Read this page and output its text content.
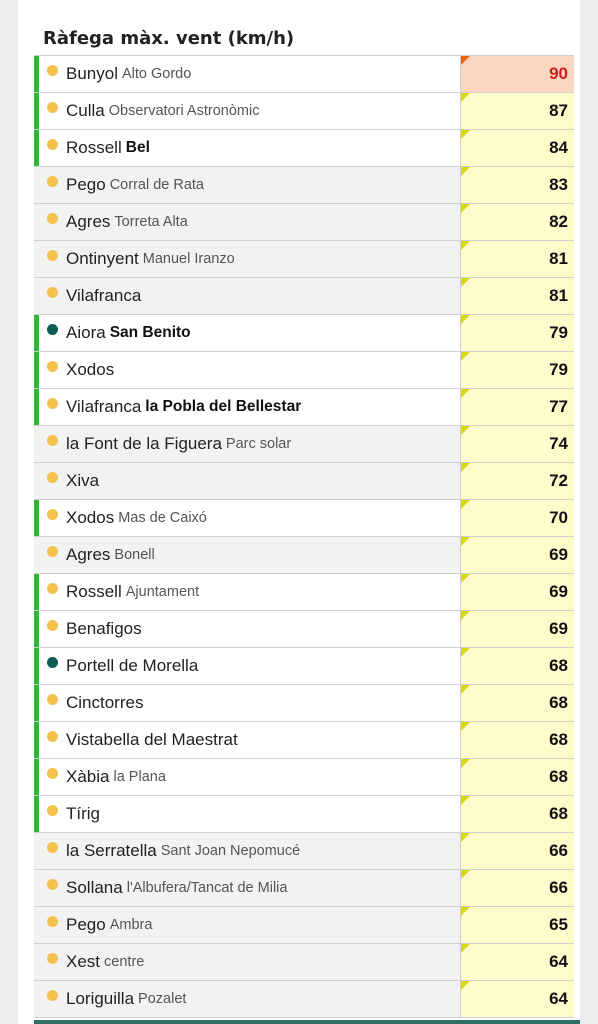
Ràfega màx. vent (km/h)
Bunyol Alto Gordo	90
Culla Observatori Astronòmic	87
Rossell Bel	84
Pego Corral de Rata	83
Agres Torreta Alta	82
Ontinyent Manuel Iranzo	81
Vilafranca	81
Aiora San Benito	79
Xodos	79
Vilafranca la Pobla del Bellestar	77
la Font de la Figuera Parc solar	74
Xiva	72
Xodos Mas de Caixó	70
Agres Bonell	69
Rossell Ajuntament	69
Benafigos	69
Portell de Morella	68
Cinctorres	68
Vistabella del Maestrat	68
Xàbia la Plana	68
Tírig	68
la Serratella Sant Joan Nepomucé	66
Sollana l'Albufera/Tancat de Milia	66
Pego Ambra	65
Xest centre	64
Loriguilla Pozalet	64
